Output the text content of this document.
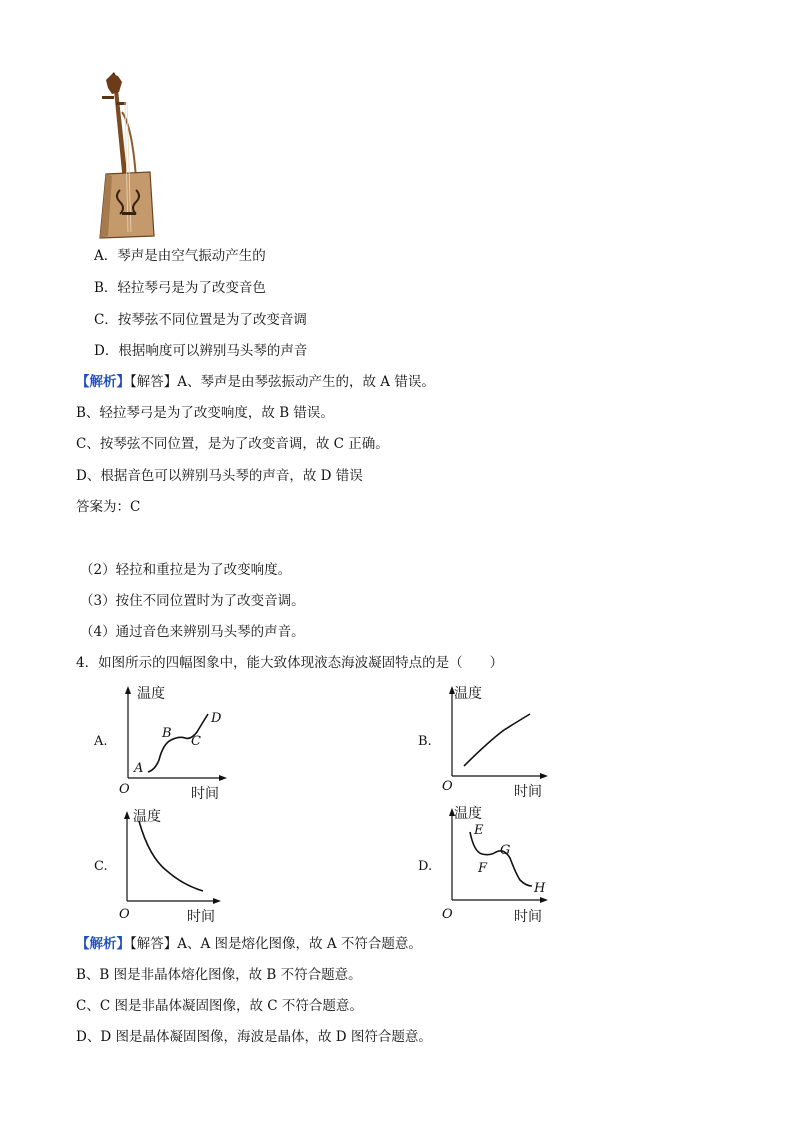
A．琴声是由空气振动产生的
B．轻拉琴弓是为了改变音色
C．按琴弦不同位置是为了改变音调
D．根据响度可以辨别马头琴的声音
【解析】【解答】A、琴声是由琴弦振动产生的，故 A 错误。
B、轻拉琴弓是为了改变响度，故 B 错误。
C、按琴弦不同位置，是为了改变音调，故 C 正确。
D、根据音色可以辨别马头琴的声音，故 D 错误
答案为：C
（2）轻拉和重拉是为了改变响度。
（3）按住不同位置时为了改变音调。
（4）通过音色来辨别马头琴的声音。
4．如图所示的四幅图象中，能大致体现液态海波凝固特点的是（　　）
A.
温度
时间
O
A
B
C
D
B.
温度
时间
O
C.
温度
时间
O
D.
温度
时间
O
E
F
G
H
【解析】【解答】A、A 图是熔化图像，故 A 不符合题意。
B、B 图是非晶体熔化图像，故 B 不符合题意。
C、C 图是非晶体凝固图像，故 C 不符合题意。
D、D 图是晶体凝固图像，海波是晶体，故 D 图符合题意。
